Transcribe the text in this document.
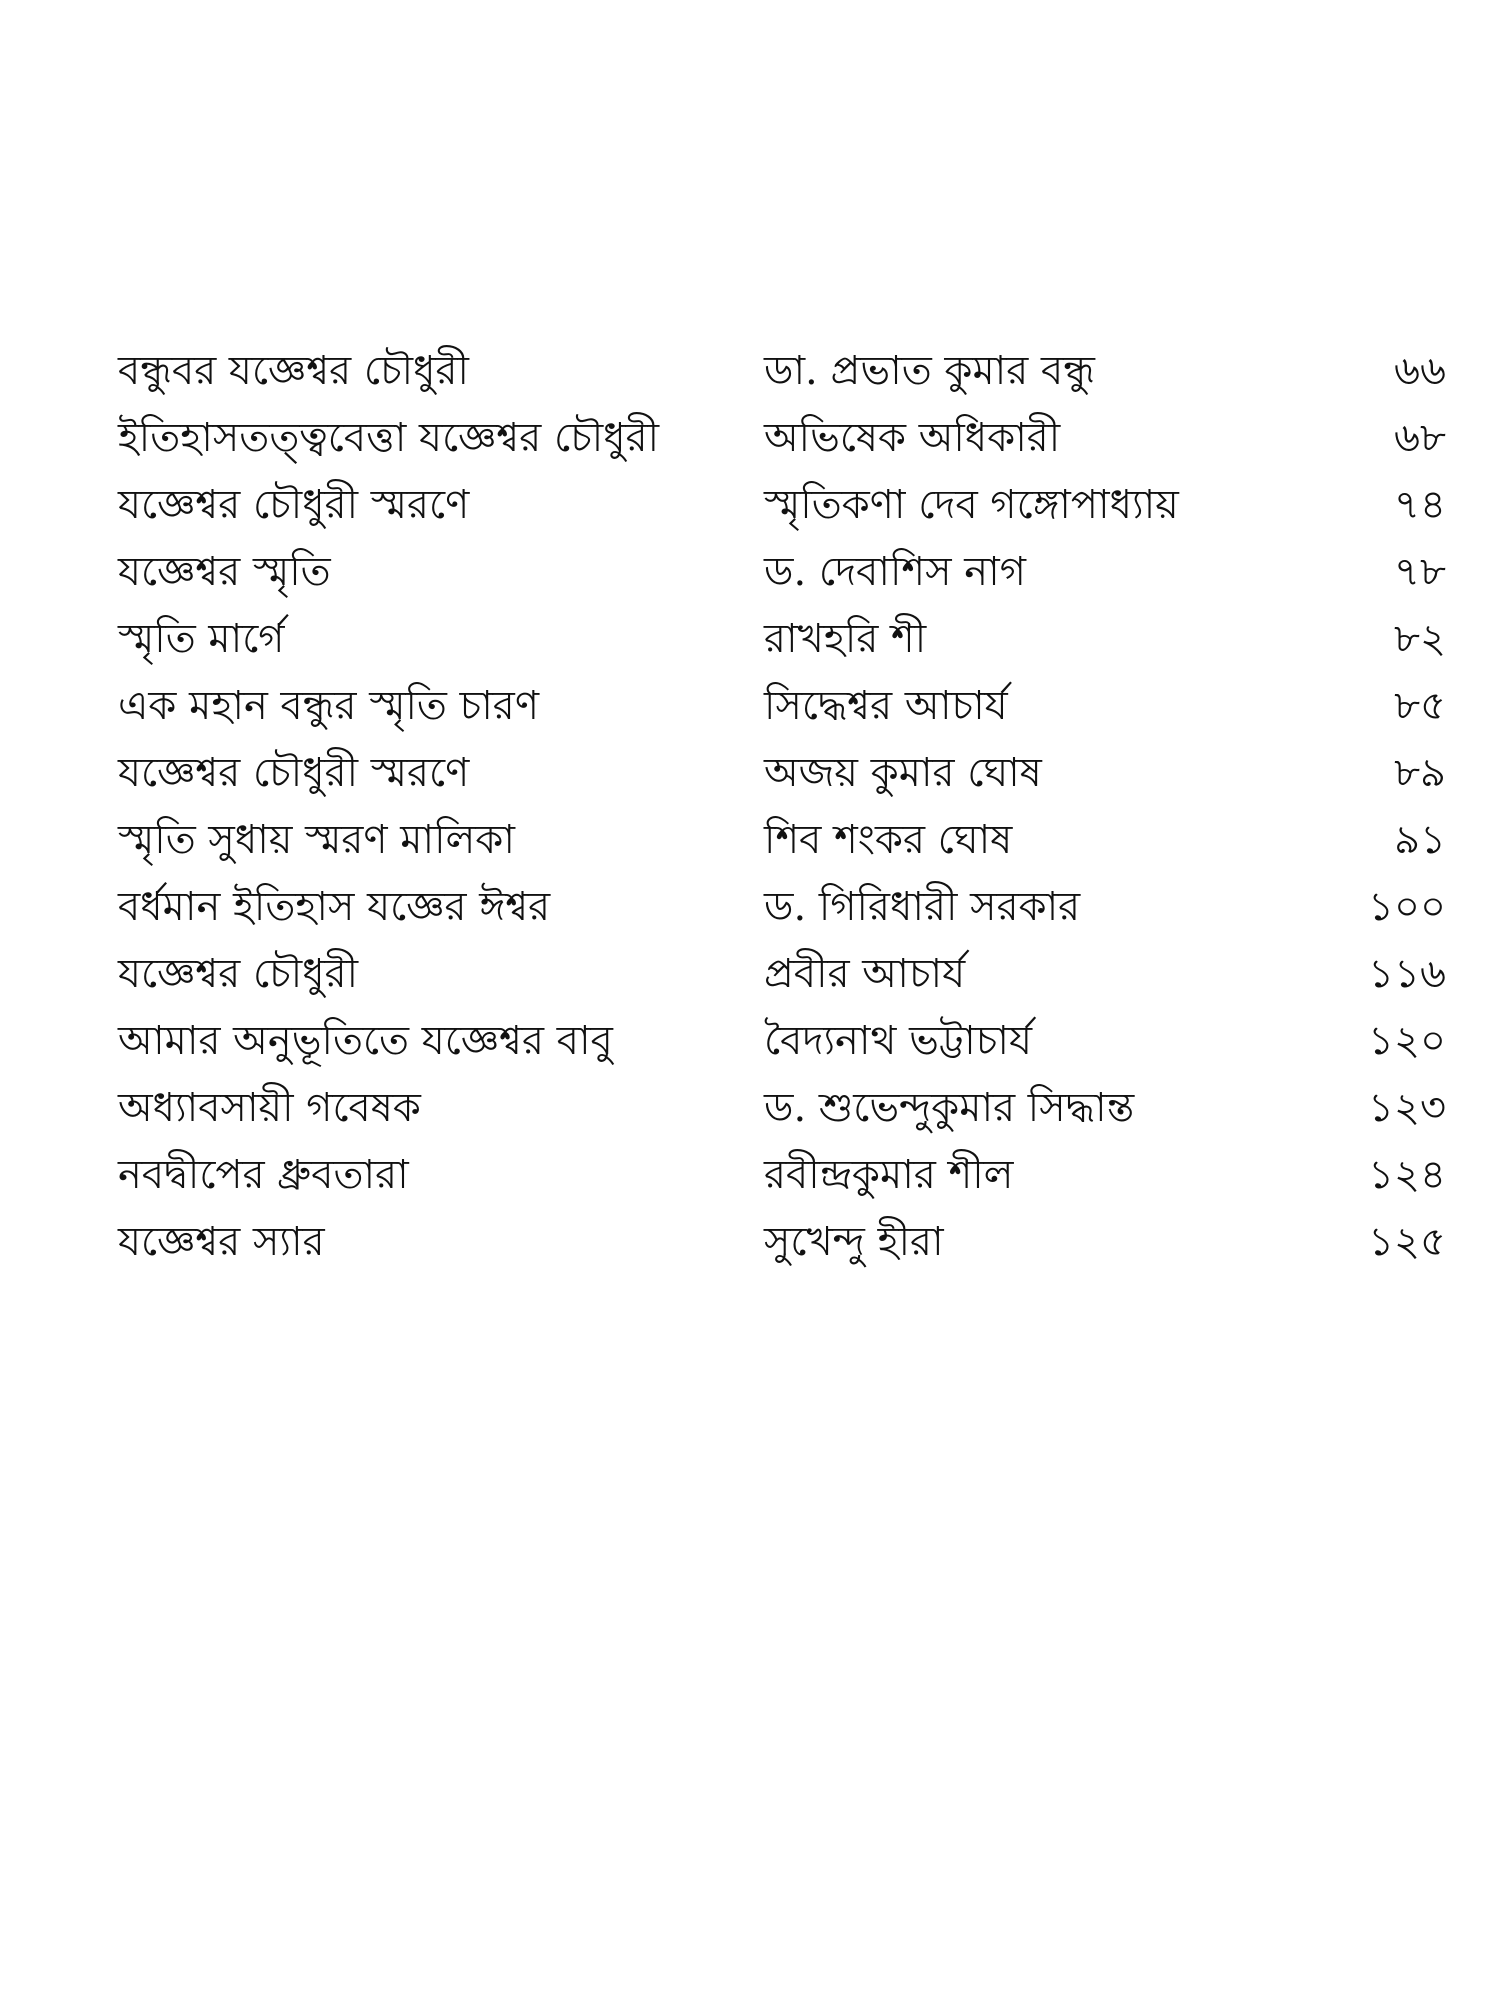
বন্ধুবর যজ্ঞেশ্বর চৌধুরী	ডা. প্রভাত কুমার বন্ধু	৬৬
ইতিহাসতত্ত্ববেত্তা যজ্ঞেশ্বর চৌধুরী	অভিষেক অধিকারী	৬৮
যজ্ঞেশ্বর চৌধুরী স্মরণে	স্মৃতিকণা দেব গঙ্গোপাধ্যায়	৭৪
যজ্ঞেশ্বর স্মৃতি	ড. দেবাশিস নাগ	৭৮
স্মৃতি মার্গে	রাখহরি শী	৮২
এক মহান বন্ধুর স্মৃতি চারণ	সিদ্ধেশ্বর আচার্য	৮৫
যজ্ঞেশ্বর চৌধুরী স্মরণে	অজয় কুমার ঘোষ	৮৯
স্মৃতি সুধায় স্মরণ মালিকা	শিব শংকর ঘোষ	৯১
বর্ধমান ইতিহাস যজ্ঞের ঈশ্বর	ড. গিরিধারী সরকার	১০০
যজ্ঞেশ্বর চৌধুরী	প্রবীর আচার্য	১১৬
আমার অনুভূতিতে যজ্ঞেশ্বর বাবু	বৈদ্যনাথ ভট্টাচার্য	১২০
অধ্যাবসায়ী গবেষক	ড. শুভেন্দুকুমার সিদ্ধান্ত	১২৩
নবদ্বীপের ধ্রুবতারা	রবীন্দ্রকুমার শীল	১২৪
যজ্ঞেশ্বর স্যার	সুখেন্দু হীরা	১২৫
